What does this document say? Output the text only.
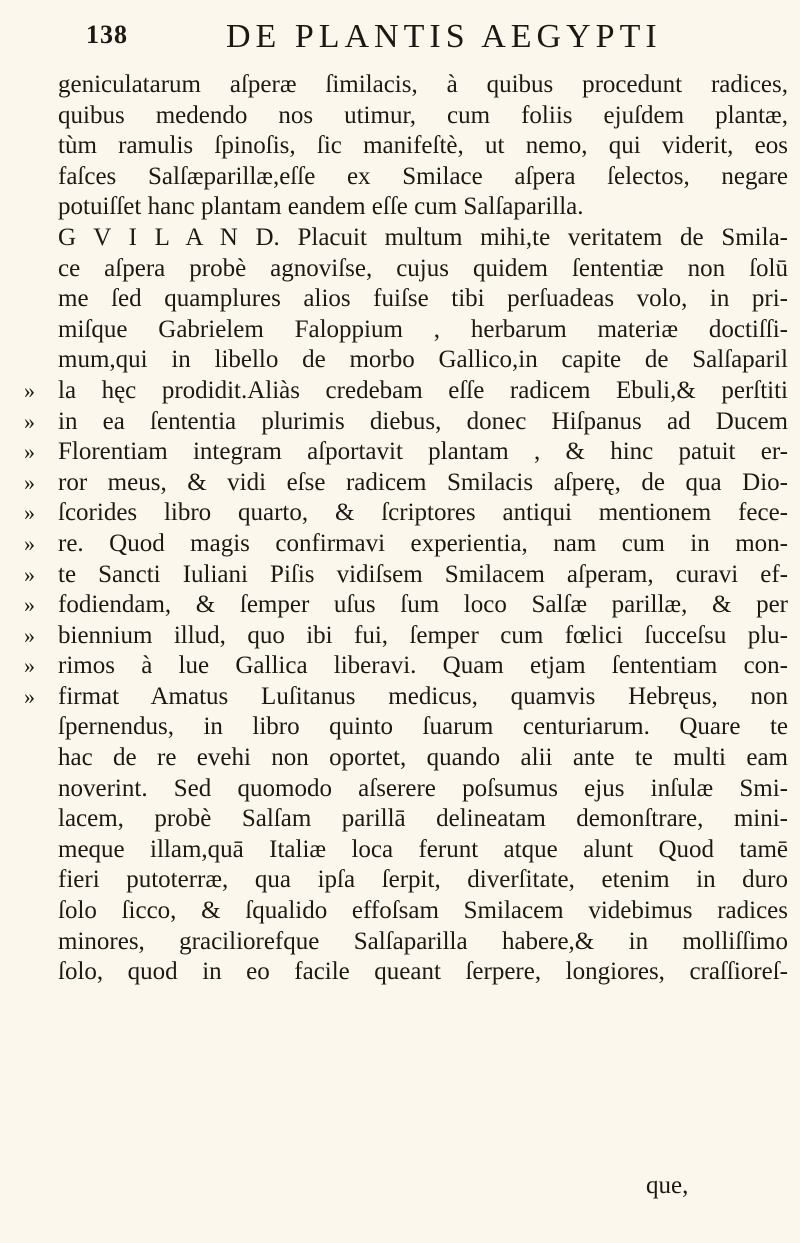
138	DE PLANTIS AEGYPTI
geniculatarum aſperæ ſimilacis, à quibus procedunt radices,
quibus medendo nos utimur, cum foliis ejuſdem plantæ,
tùm ramulis ſpinoſis, ſic manifeſtè, ut nemo, qui viderit, eos
faſces Salſæparillæ,eſſe ex Smilace aſpera ſelectos, negare
potuiſſet hanc plantam eandem eſſe cum Salſaparilla.
G V I L A N D. Placuit multum mihi,te veritatem de Smila-
ce aſpera probè agnoviſse, cujus quidem ſententiæ non ſolū
me ſed quamplures alios fuiſse tibi perſuadeas volo, in pri-
miſque Gabrielem Faloppium , herbarum materiæ doctiſſi-
mum,qui in libello de morbo Gallico,in capite de Salſaparil
» la hęc prodidit.Aliàs credebam eſſe radicem Ebuli,& perſtiti
» in ea ſententia plurimis diebus, donec Hiſpanus ad Ducem
» Florentiam integram aſportavit plantam , & hinc patuit er-
» ror meus, & vidi eſse radicem Smilacis aſperę, de qua Dio-
» ſcorides libro quarto, & ſcriptores antiqui mentionem fece-
» re. Quod magis confirmavi experientia, nam cum in mon-
» te Sancti Iuliani Piſis vidiſsem Smilacem aſperam, curavi ef-
» fodiendam, & ſemper uſus ſum loco Salſæ parillæ, & per
» biennium illud, quo ibi fui, ſemper cum fœlici ſucceſsu plu-
» rimos à lue Gallica liberavi. Quam etjam ſententiam con-
» firmat Amatus Luſitanus medicus, quamvis Hebręus, non
ſpernendus, in libro quinto ſuarum centuriarum. Quare te
hac de re evehi non oportet, quando alii ante te multi eam
noverint. Sed quomodo aſserere poſsumus ejus inſulæ Smi-
lacem, probè Salſam parillā delineatam demonſtrare, mini-
meque illam,quā Italiæ loca ferunt atque alunt Quod tamē
fieri putoterræ, qua ipſa ſerpit, diverſitate, etenim in duro
ſolo ſicco, & ſqualido effoſsam Smilacem videbimus radices
minores, graciliorefque Salſaparilla habere,& in molliſſimo
ſolo, quod in eo facile queant ſerpere, longiores, craſſioreſ-
que,
